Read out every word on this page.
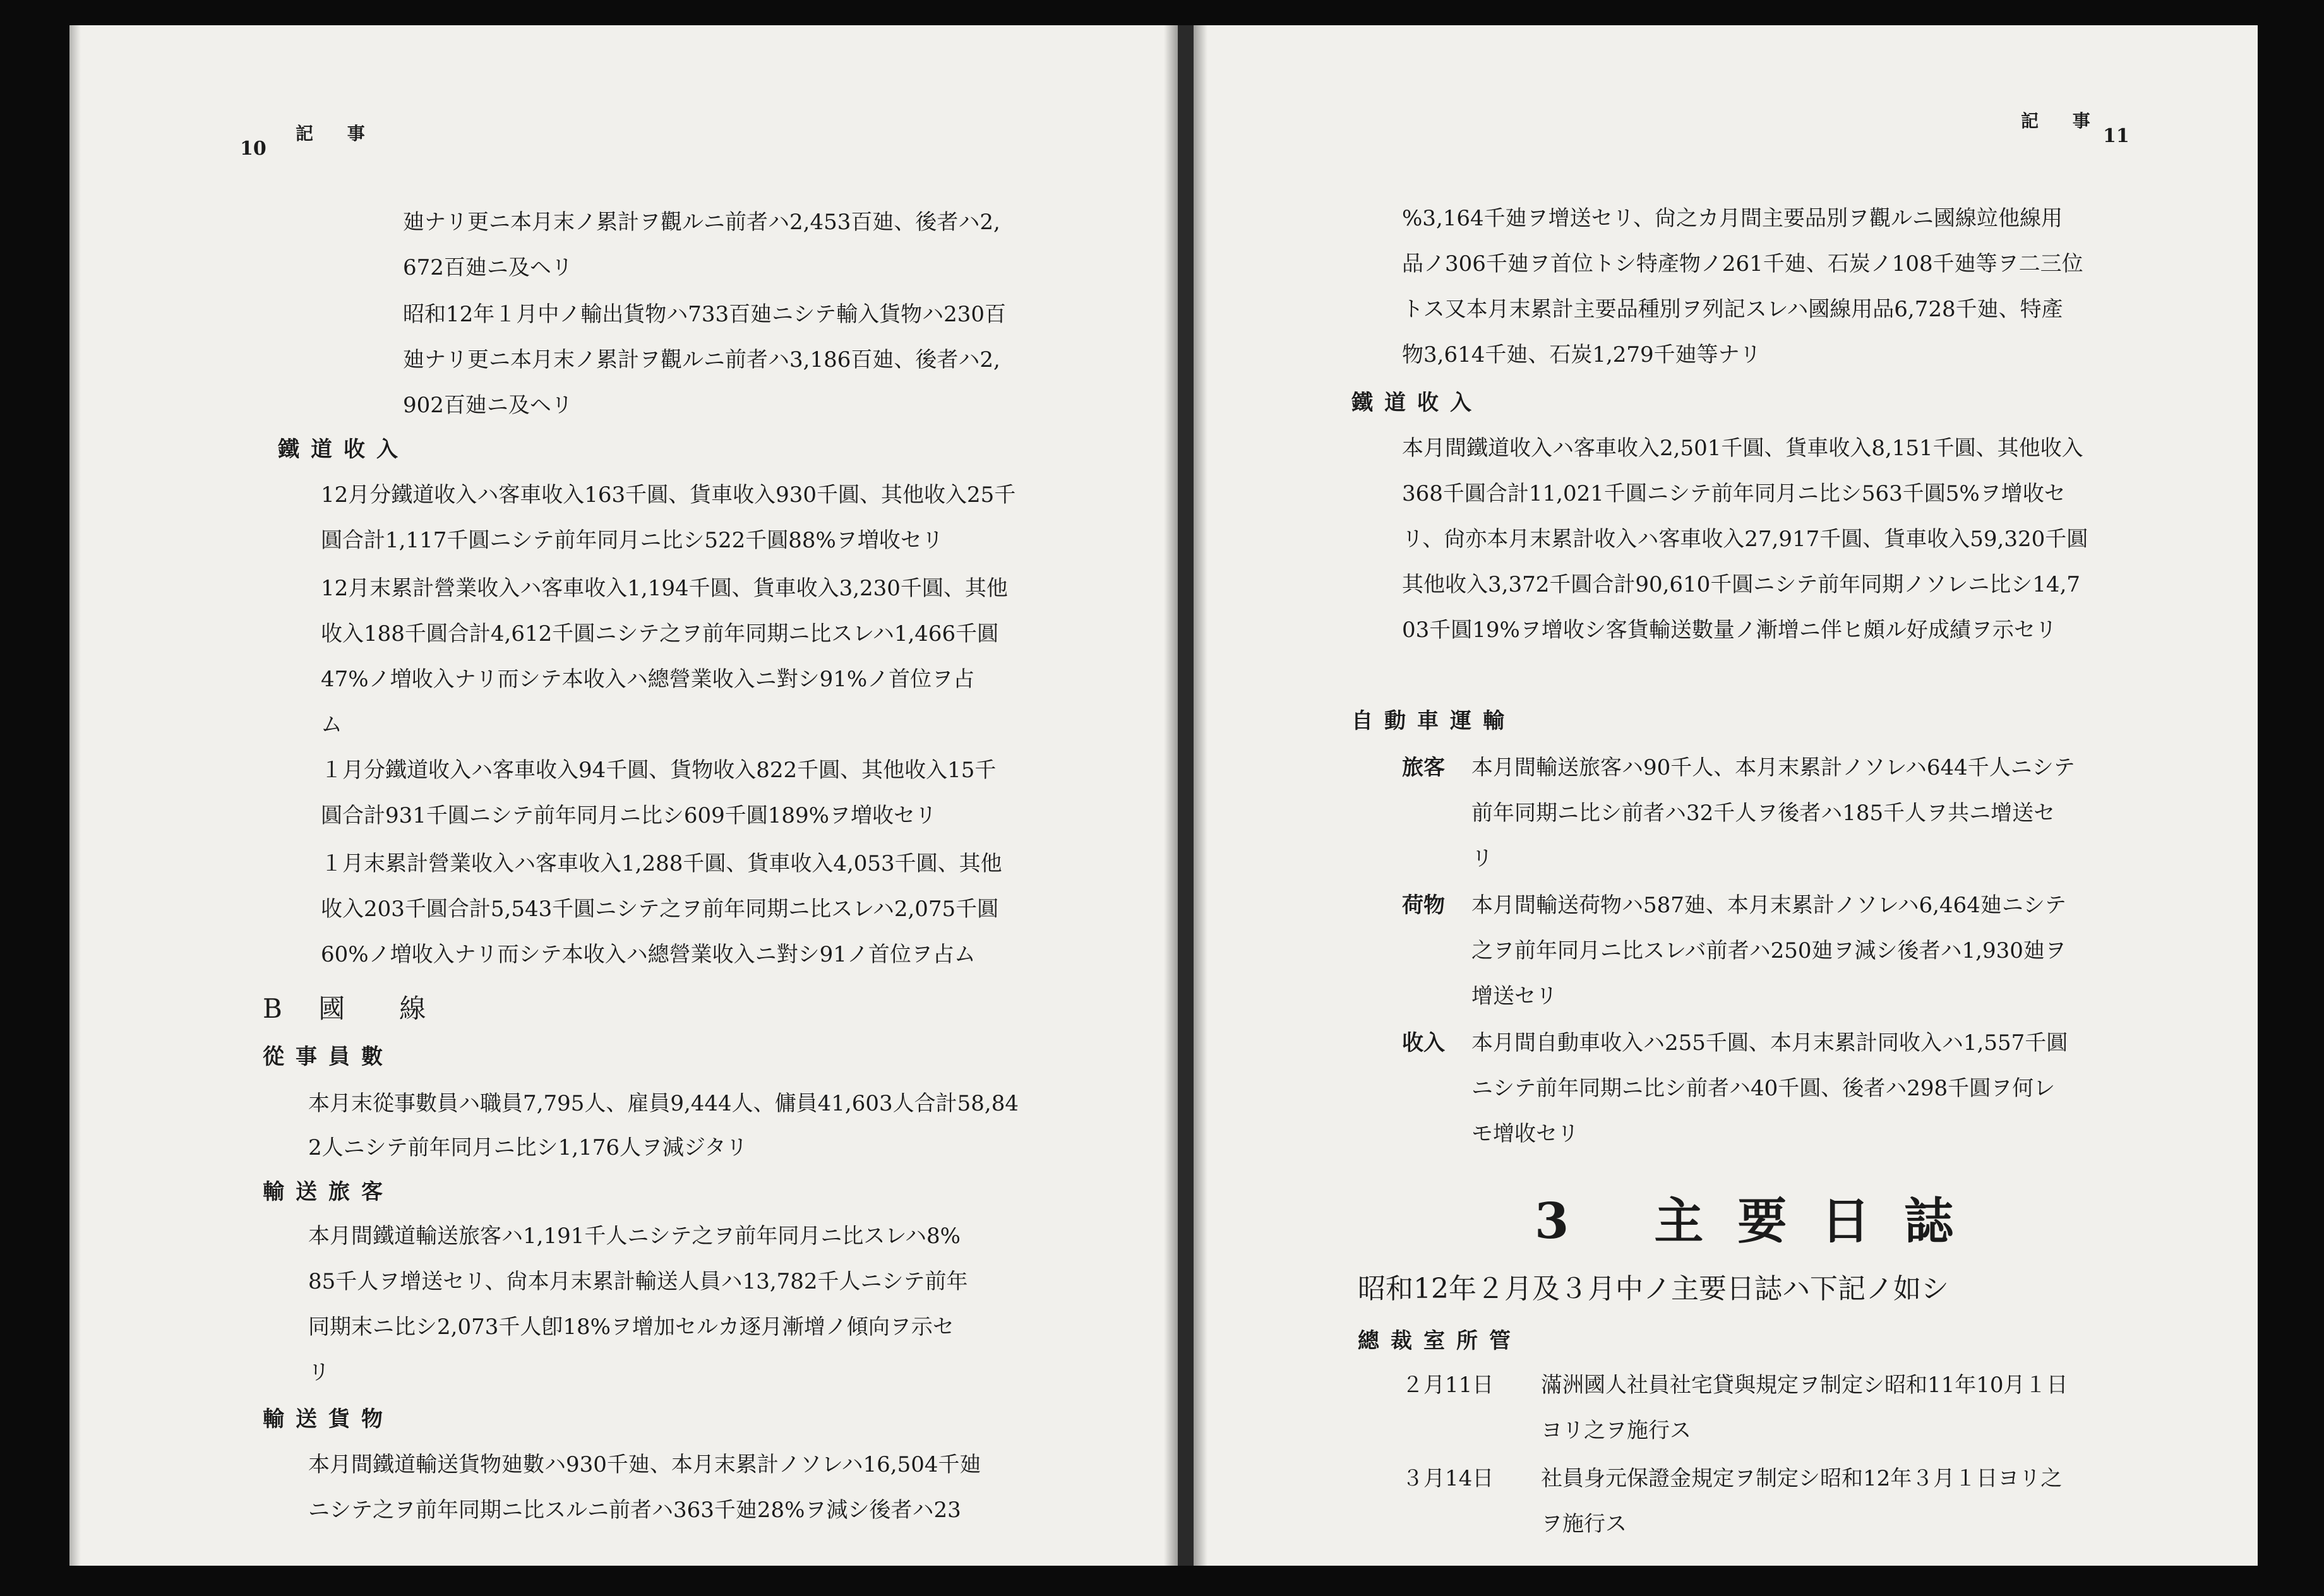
10
記 事
廸ナリ更ニ本月末ノ累計ヲ觀ルニ前者ハ2,453百廸、後者ハ2,
672百廸ニ及ヘリ
昭和12年１月中ノ輸出貨物ハ733百廸ニシテ輸入貨物ハ230百
廸ナリ更ニ本月末ノ累計ヲ觀ルニ前者ハ3,186百廸、後者ハ2,
902百廸ニ及ヘリ
鐵道收入
12月分鐵道收入ハ客車收入163千圓、貨車收入930千圓、其他收入25千
圓合計1,117千圓ニシテ前年同月ニ比シ522千圓88%ヲ増收セリ
12月末累計營業收入ハ客車收入1,194千圓、貨車收入3,230千圓、其他
收入188千圓合計4,612千圓ニシテ之ヲ前年同期ニ比スレハ1,466千圓
47%ノ増收入ナリ而シテ本收入ハ總營業收入ニ對シ91%ノ首位ヲ占
ム
１月分鐵道收入ハ客車收入94千圓、貨物收入822千圓、其他收入15千
圓合計931千圓ニシテ前年同月ニ比シ609千圓189%ヲ増收セリ
１月末累計營業收入ハ客車收入1,288千圓、貨車收入4,053千圓、其他
收入203千圓合計5,543千圓ニシテ之ヲ前年同期ニ比スレハ2,075千圓
60%ノ増收入ナリ而シテ本收入ハ總營業收入ニ對シ91ノ首位ヲ占ム
B 國　線
從事員數
本月末從事數員ハ職員7,795人、雇員9,444人、傭員41,603人合計58,84
2人ニシテ前年同月ニ比シ1,176人ヲ減ジタリ
輸送旅客
本月間鐵道輸送旅客ハ1,191千人ニシテ之ヲ前年同月ニ比スレハ8%
85千人ヲ增送セリ、尙本月末累計輸送人員ハ13,782千人ニシテ前年
同期末ニ比シ2,073千人卽18%ヲ增加セルカ逐月漸增ノ傾向ヲ示セ
リ
輸送貨物
本月間鐵道輸送貨物廸數ハ930千廸、本月末累計ノソレハ16,504千廸
ニシテ之ヲ前年同期ニ比スルニ前者ハ363千廸28%ヲ減シ後者ハ23
記 事
11
%3,164千廸ヲ增送セリ、尙之カ月間主要品別ヲ觀ルニ國線竝他線用
品ノ306千廸ヲ首位トシ特產物ノ261千廸、石炭ノ108千廸等ヲ二三位
トス又本月末累計主要品種別ヲ列記スレハ國線用品6,728千廸、特產
物3,614千廸、石炭1,279千廸等ナリ
鐵道收入
本月間鐵道收入ハ客車收入2,501千圓、貨車收入8,151千圓、其他收入
368千圓合計11,021千圓ニシテ前年同月ニ比シ563千圓5%ヲ增收セ
リ、尙亦本月末累計收入ハ客車收入27,917千圓、貨車收入59,320千圓
其他收入3,372千圓合計90,610千圓ニシテ前年同期ノソレニ比シ14,7
03千圓19%ヲ增收シ客貨輸送數量ノ漸增ニ伴ヒ頗ル好成績ヲ示セリ
自動車運輸
旅客 本月間輸送旅客ハ90千人、本月末累計ノソレハ644千人ニシテ
前年同期ニ比シ前者ハ32千人ヲ後者ハ185千人ヲ共ニ增送セ
リ
荷物 本月間輸送荷物ハ587廸、本月末累計ノソレハ6,464廸ニシテ
之ヲ前年同月ニ比スレバ前者ハ250廸ヲ減シ後者ハ1,930廸ヲ
增送セリ
收入 本月間自動車收入ハ255千圓、本月末累計同收入ハ1,557千圓
ニシテ前年同期ニ比シ前者ハ40千圓、後者ハ298千圓ヲ何レ
モ增收セリ
3 主要日誌
昭和12年２月及３月中ノ主要日誌ハ下記ノ如シ
總裁室所管
２月11日 滿洲國人社員社宅貸與規定ヲ制定シ昭和11年10月１日
ヨリ之ヲ施行ス
３月14日 社員身元保證金規定ヲ制定シ昭和12年３月１日ヨリ之
ヲ施行ス
